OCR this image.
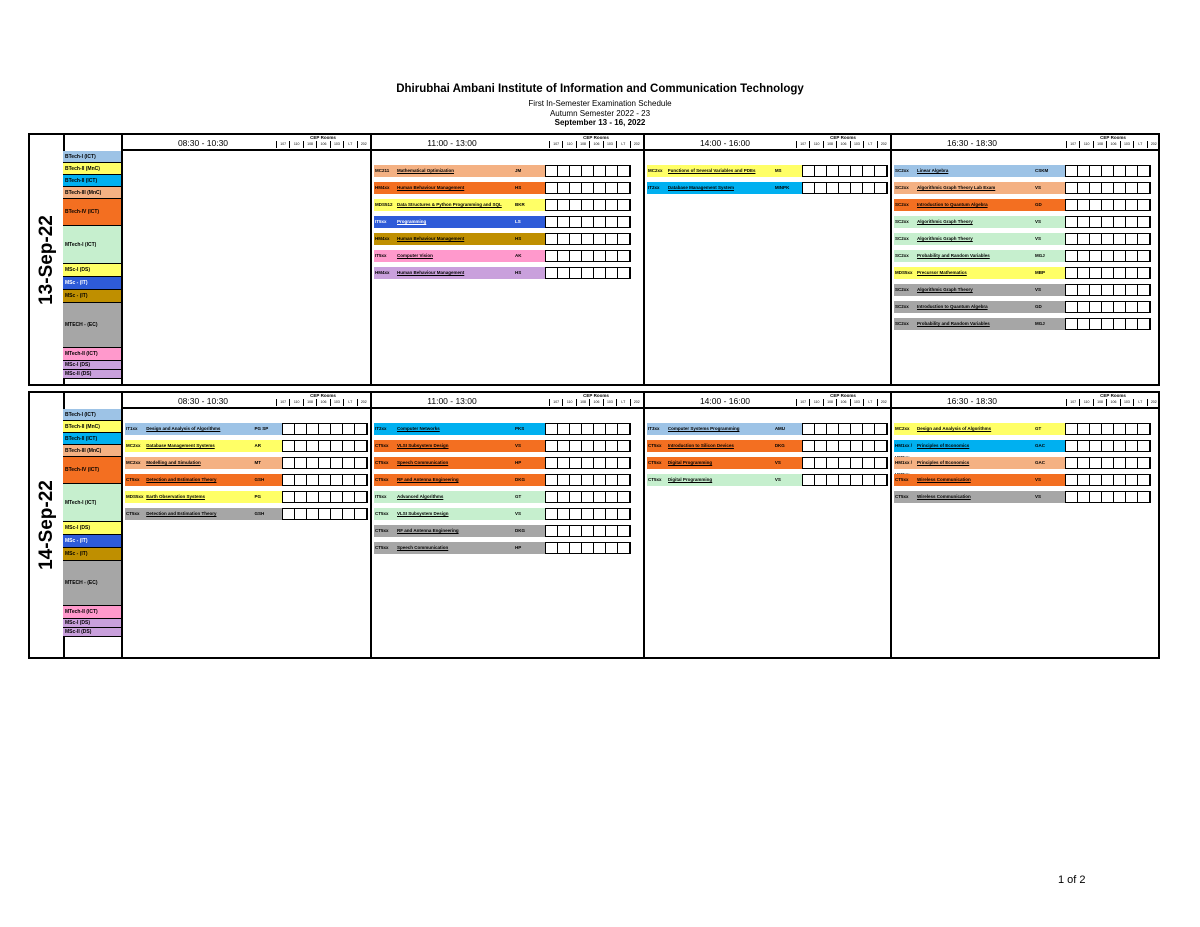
Dhirubhai Ambani Institute of Information and Communication Technology
First In-Semester Examination Schedule
Autumn Semester 2022 - 23
September 13 - 16, 2022
13-Sep-22
BTech-I (ICT)
BTech-II (MnC)
BTech-II (ICT)
BTech-III (MnC)
BTech-IV (ICT)
MTech-I (ICT)
MSc-I (DS)
MSc - (IT)
MSc - (IT)
MTECH - (EC)
MTech-II (ICT)
MSc-I (DS)
MSc-II (DS)
08:30 - 10:30
CEP Rooms
107	110	108	106	103	LT	202	11:00 - 13:00
CEP Rooms
107	110	108	106	103	LT	202
MC211	Mathematical Optimization	JM
HM4xx	Human Behaviour Management	HS
MDS512 Data Structures & Python Programming and SQL	BKR
IT5xx	Programming	LS
HM4xx	Human Behaviour Management	HS
IT5xx	Computer Vision	AK
HM4xx	Human Behaviour Management	HS
14:00 - 16:00
CEP Rooms
107	110	108	106	103	LT	202
MC2xx	Functions of Several Variables and PDEs	MS
IT2xx	Database Management System	MINPK
16:30 - 18:30
CEP Rooms
107	110	108	106	103	LT	202
SC2xx	Linear Algebra	CSKM
SC2xx	Algorithmic Graph Theory Lab Exam	VS
SC2xx	Introduction to Quantum Algebra	GD
SC2xx	Algorithmic Graph Theory	VS
SC2xx	Algorithmic Graph Theory	VS
SC2xx	Probability and Random Variables	MGJ
MDS5xx Precursor Mathematics	MBP
SC2xx	Algorithmic Graph Theory	VS
SC2xx	Introduction to Quantum Algebra	GD
SC2xx	Probability and Random Variables	MGJ
14-Sep-22
BTech-I (ICT)
BTech-II (MnC)
BTech-II (ICT)
BTech-III (MnC)
BTech-IV (ICT)
MTech-I (ICT)
MSc-I (DS)
MSc - (IT)
MSc - (IT)
MTECH - (EC)
MTech-II (ICT)
MSc-I (DS)
MSc-II (DS)
08:30 - 10:30
CEP Rooms
107	110	108	106	103	LT	202
IT1xx	Design and Analysis of Algorithms	PG SP
MC2xx	Database Management Systems	AR
MC2xx	Modelling and Simulation	MT
CT5xx	Detection and Estimation Theory	GSH
MDS5xx Earth Observation Systems	PG
CT5xx	Detection and Estimation Theory	GSH
11:00 - 13:00
CEP Rooms
107	110	108	106	103	LT	202
IT2xx	Computer Networks	PKS
CT5xx	VLSI Subsystem Design	VS
CT5xx	Speech Communication	HP
CT5xx	RF and Antenna Engineering	DKG
IT5xx	Advanced Algorithms	GT
CT5xx	VLSI Subsystem Design	VS
CT5xx	RF and Antenna Engineering	DKG
CT5xx	Speech Communication	HP
14:00 - 16:00
CEP Rooms
107	110	108	106	103	LT	202
IT3xx	Computer Systems Programming	AMU
CT5xx	Introduction to Silicon Devices	DKG
CT5xx	Digital Programming	VS
CT5xx	Digital Programming	VS
16:30 - 18:30
CEP Rooms
107	110	108	106	103	LT	202
MC2xx	Design and Analysis of Algorithms	GT
HM1xx /	Principles of Economics	GAC
HM1xx /	Principles of Economics	GAC
CT5xx	Wireless Communication	VS
CT5xx	Wireless Communication	VS
1 of 2
